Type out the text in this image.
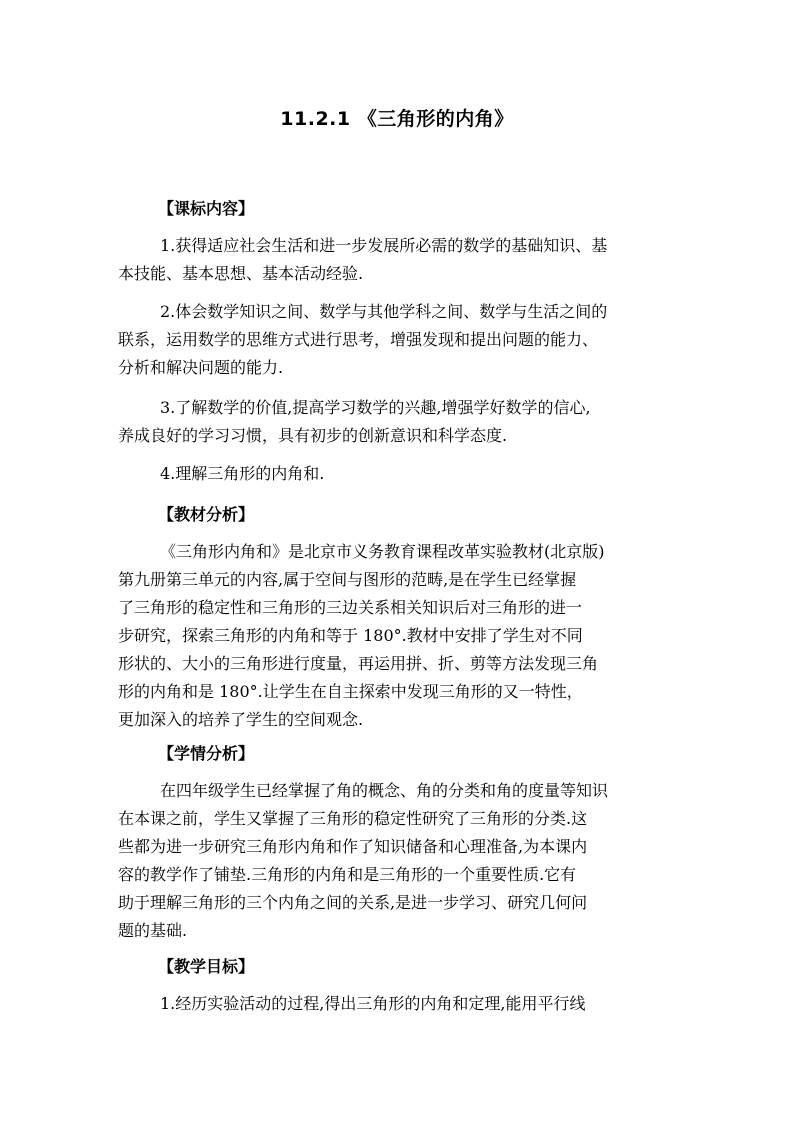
11.2.1 《三角形的内角》
【课标内容】
1.获得适应社会生活和进一步发展所必需的数学的基础知识、基
本技能、基本思想、基本活动经验.
2.体会数学知识之间、数学与其他学科之间、数学与生活之间的
联系，运用数学的思维方式进行思考，增强发现和提出问题的能力、
分析和解决问题的能力.
3.了解数学的价值,提高学习数学的兴趣,增强学好数学的信心,
养成良好的学习习惯，具有初步的创新意识和科学态度.
4.理解三角形的内角和.
【教材分析】
《三角形内角和》是北京市义务教育课程改革实验教材(北京版)
第九册第三单元的内容,属于空间与图形的范畴,是在学生已经掌握
了三角形的稳定性和三角形的三边关系相关知识后对三角形的进一
步研究，探索三角形的内角和等于 180°.教材中安排了学生对不同
形状的、大小的三角形进行度量，再运用拼、折、剪等方法发现三角
形的内角和是 180°.让学生在自主探索中发现三角形的又一特性，
更加深入的培养了学生的空间观念.
【学情分析】
在四年级学生已经掌握了角的概念、角的分类和角的度量等知识
在本课之前，学生又掌握了三角形的稳定性研究了三角形的分类.这
些都为进一步研究三角形内角和作了知识储备和心理准备,为本课内
容的教学作了铺垫.三角形的内角和是三角形的一个重要性质.它有
助于理解三角形的三个内角之间的关系,是进一步学习、研究几何问
题的基础.
【教学目标】
1.经历实验活动的过程,得出三角形的内角和定理,能用平行线
